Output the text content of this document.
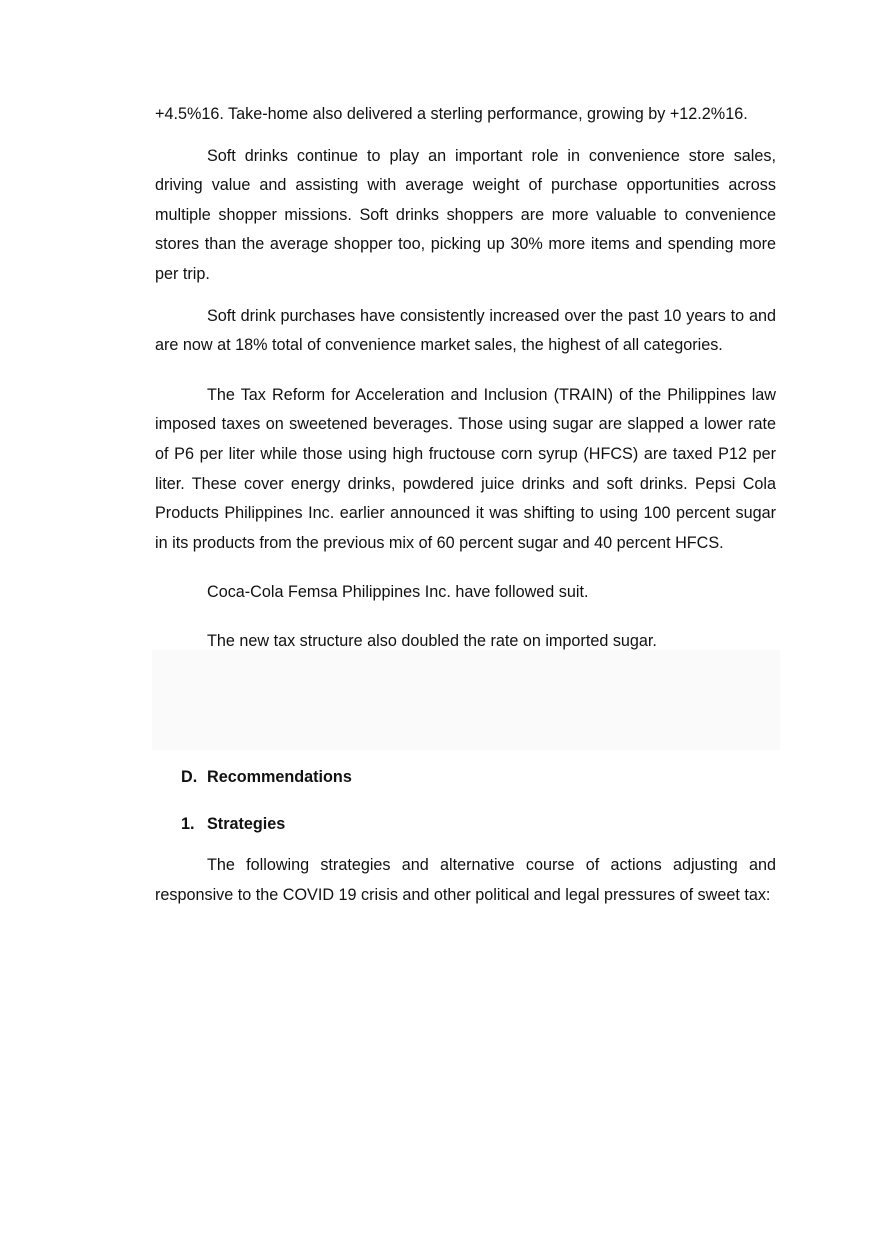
+4.5%16. Take-home also delivered a sterling performance, growing by +12.2%16.

Soft drinks continue to play an important role in convenience store sales, driving value and assisting with average weight of purchase opportunities across multiple shopper missions. Soft drinks shoppers are more valuable to convenience stores than the average shopper too, picking up 30% more items and spending more per trip.

Soft drink purchases have consistently increased over the past 10 years to and are now at 18% total of convenience market sales, the highest of all categories.

The Tax Reform for Acceleration and Inclusion (TRAIN) of the Philippines law imposed taxes on sweetened beverages. Those using sugar are slapped a lower rate of P6 per liter while those using high fructouse corn syrup (HFCS) are taxed P12 per liter. These cover energy drinks, powdered juice drinks and soft drinks. Pepsi Cola Products Philippines Inc. earlier announced it was shifting to using 100 percent sugar in its products from the previous mix of 60 percent sugar and 40 percent HFCS.

Coca-Cola Femsa Philippines Inc. have followed suit.

The new tax structure also doubled the rate on imported sugar.

D. Recommendations
1. Strategies

The following strategies and alternative course of actions adjusting and responsive to the COVID 19 crisis and other political and legal pressures of sweet tax:
